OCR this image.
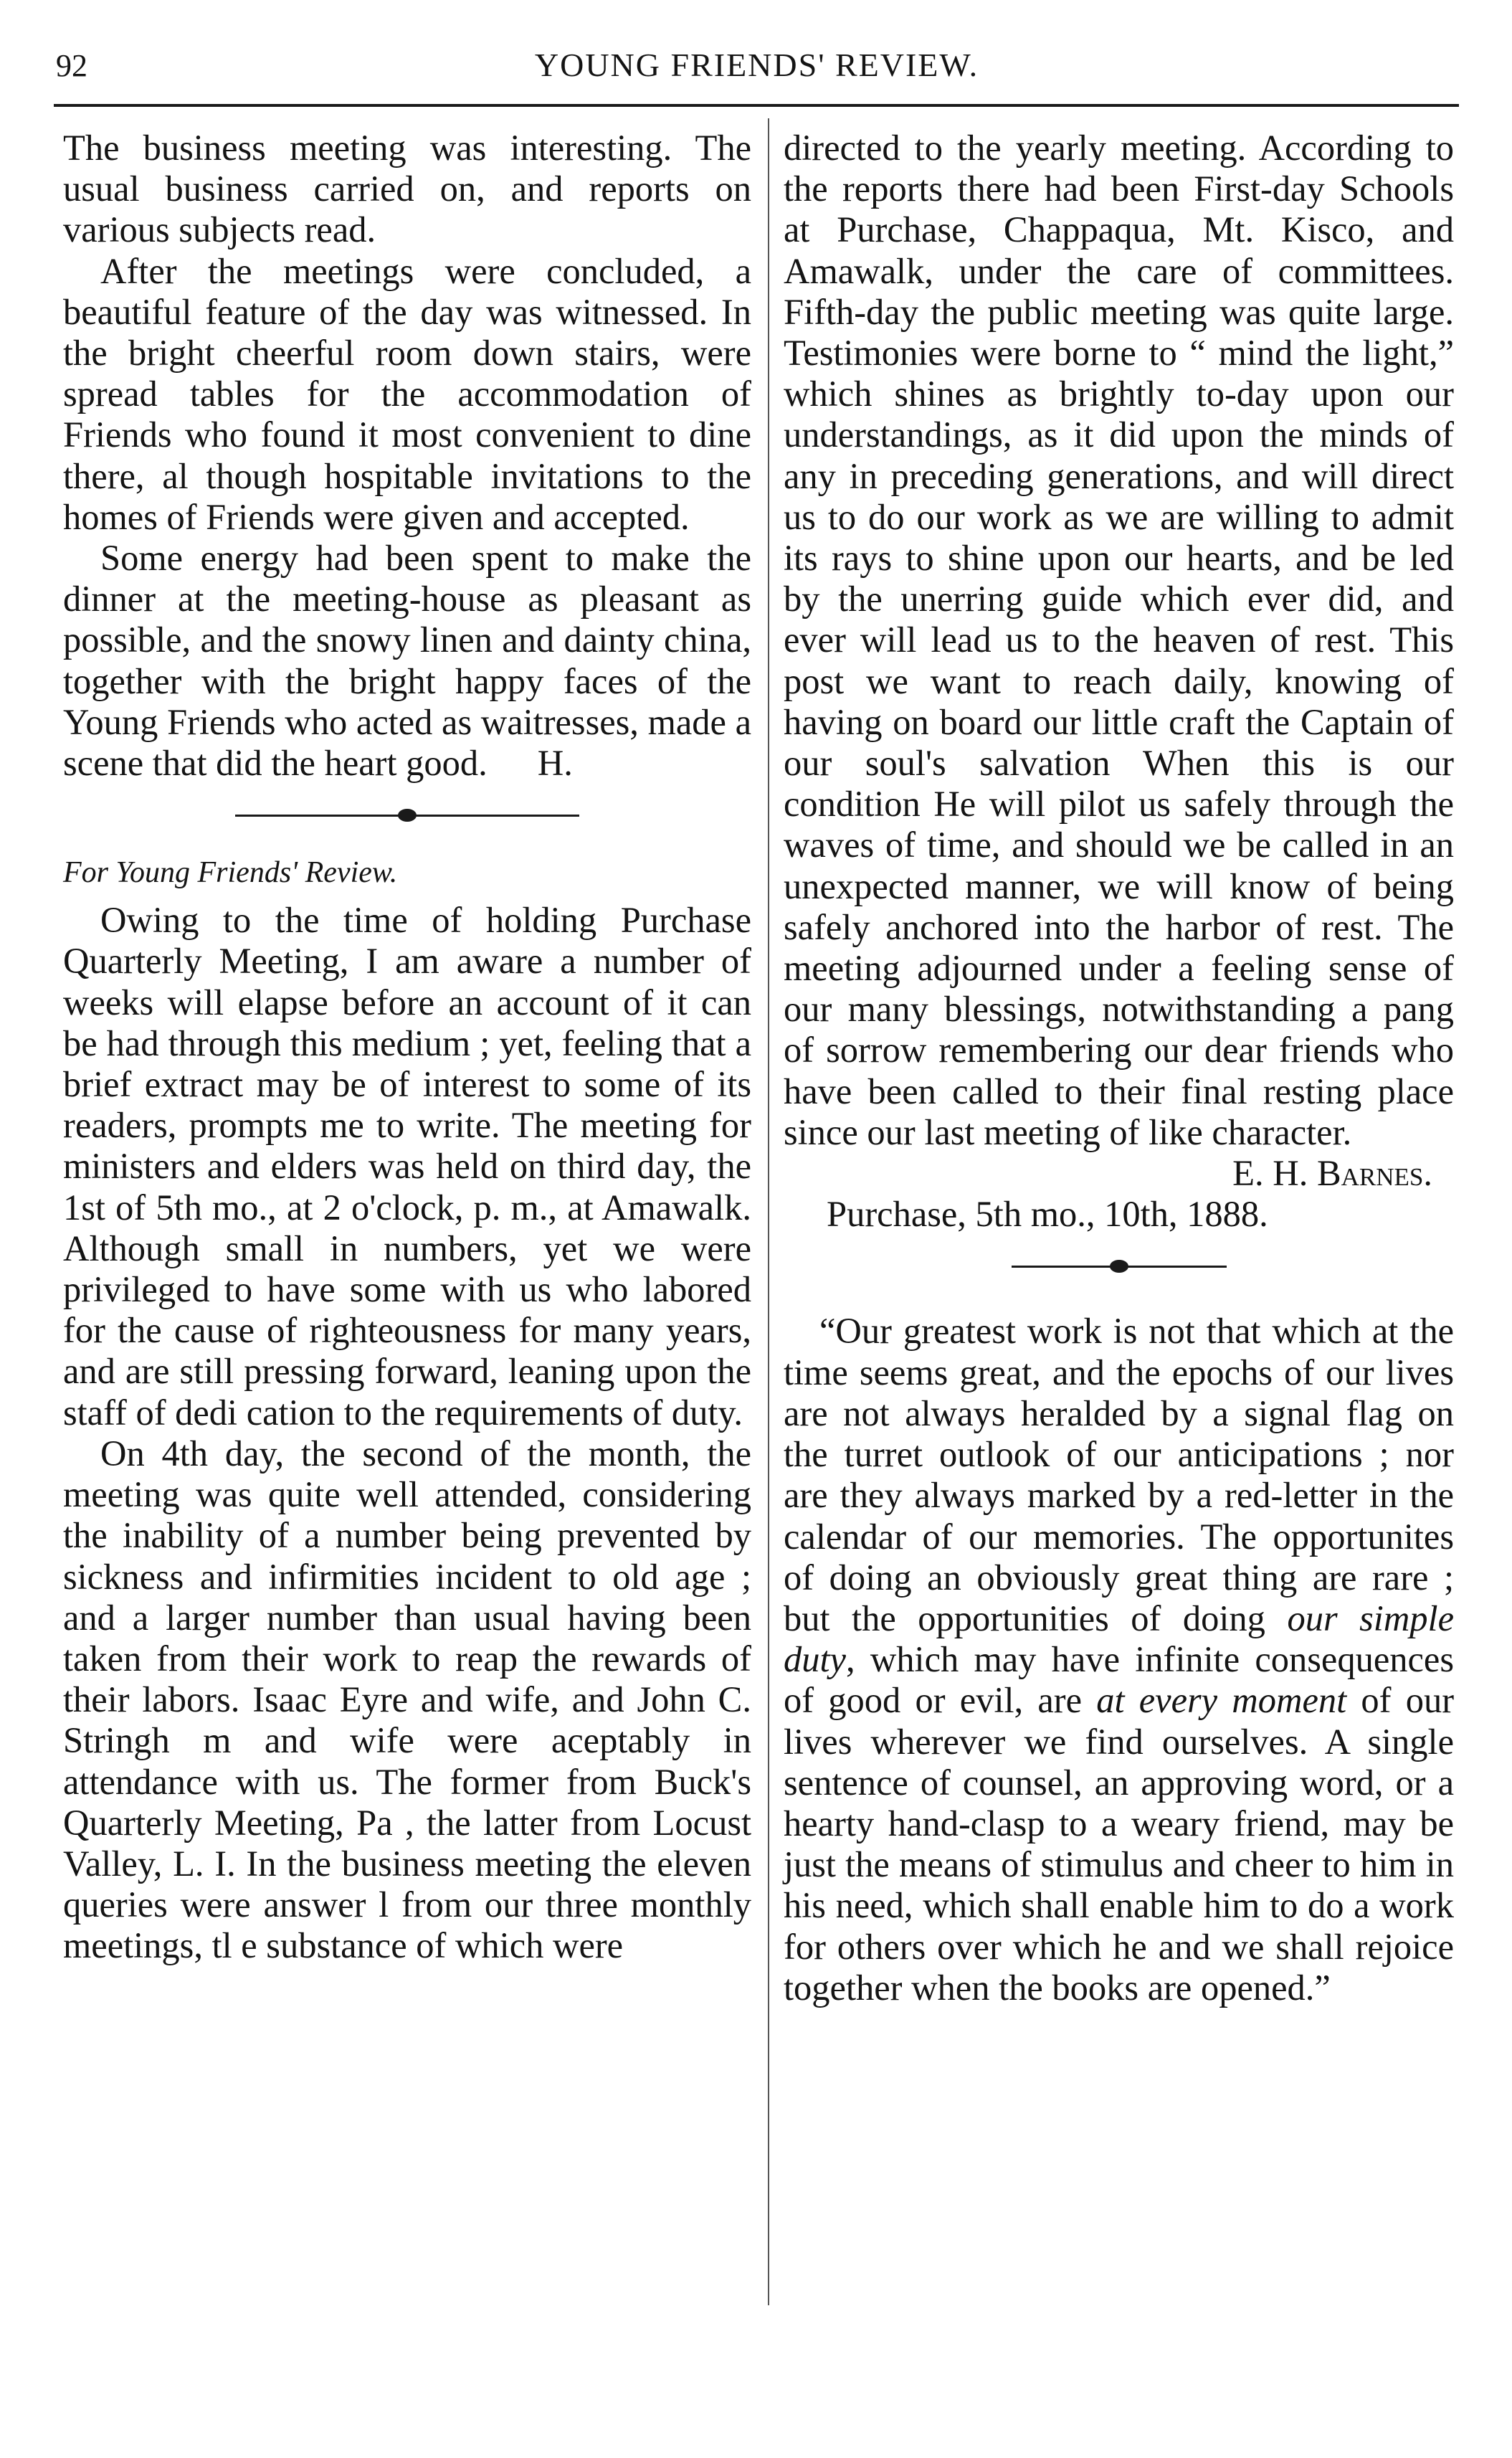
92	YOUNG FRIENDS' REVIEW.

The business meeting was interesting. The usual business carried on, and reports on various subjects read.

After the meetings were concluded, a beautiful feature of the day was witnessed. In the bright cheerful room down stairs, were spread tables for the accommodation of Friends who found it most convenient to dine there, al though hospitable invitations to the homes of Friends were given and accepted.

Some energy had been spent to make the dinner at the meeting-house as pleasant as possible, and the snowy linen and dainty china, together with the bright happy faces of the Young Friends who acted as waitresses, made a scene that did the heart good. H.

For Young Friends' Review.

Owing to the time of holding Purchase Quarterly Meeting, I am aware a number of weeks will elapse before an account of it can be had through this medium ; yet, feeling that a brief extract may be of interest to some of its readers, prompts me to write. The meeting for ministers and elders was held on third day, the 1st of 5th mo., at 2 o'clock, p. m., at Amawalk. Although small in numbers, yet we were privileged to have some with us who labored for the cause of righteousness for many years, and are still pressing forward, leaning upon the staff of dedi cation to the requirements of duty.

On 4th day, the second of the month, the meeting was quite well attended, considering the inability of a number being prevented by sickness and infirmities incident to old age ; and a larger number than usual having been taken from their work to reap the rewards of their labors. Isaac Eyre and wife, and John C. Stringh m and wife were aceptably in attendance with us. The former from Buck's Quarterly Meeting, Pa , the latter from Locust Valley, L. I. In the business meeting the eleven queries were answer l from our three monthly meetings, tl e substance of which were

directed to the yearly meeting. According to the reports there had been First-day Schools at Purchase, Chappaqua, Mt. Kisco, and Amawalk, under the care of committees. Fifth-day the public meeting was quite large. Testimonies were borne to “ mind the light,” which shines as brightly to-day upon our understandings, as it did upon the minds of any in preceding generations, and will direct us to do our work as we are willing to admit its rays to shine upon our hearts, and be led by the unerring guide which ever did, and ever will lead us to the heaven of rest. This post we want to reach daily, knowing of having on board our little craft the Captain of our soul's salvation When this is our condition He will pilot us safely through the waves of time, and should we be called in an unexpected manner, we will know of being safely anchored into the harbor of rest. The meeting adjourned under a feeling sense of our many blessings, notwithstanding a pang of sorrow remembering our dear friends who have been called to their final resting place since our last meeting of like character.

E. H. Barnes.

Purchase, 5th mo., 10th, 1888.

“Our greatest work is not that which at the time seems great, and the epochs of our lives are not always heralded by a signal flag on the turret outlook of our anticipations ; nor are they always marked by a red-letter in the calendar of our memories. The opportunites of doing an obviously great thing are rare ; but the opportunities of doing our simple duty, which may have infinite consequences of good or evil, are at every moment of our lives wherever we find ourselves. A single sentence of counsel, an approving word, or a hearty hand-clasp to a weary friend, may be just the means of stimulus and cheer to him in his need, which shall enable him to do a work for others over which he and we shall rejoice together when the books are opened.”
